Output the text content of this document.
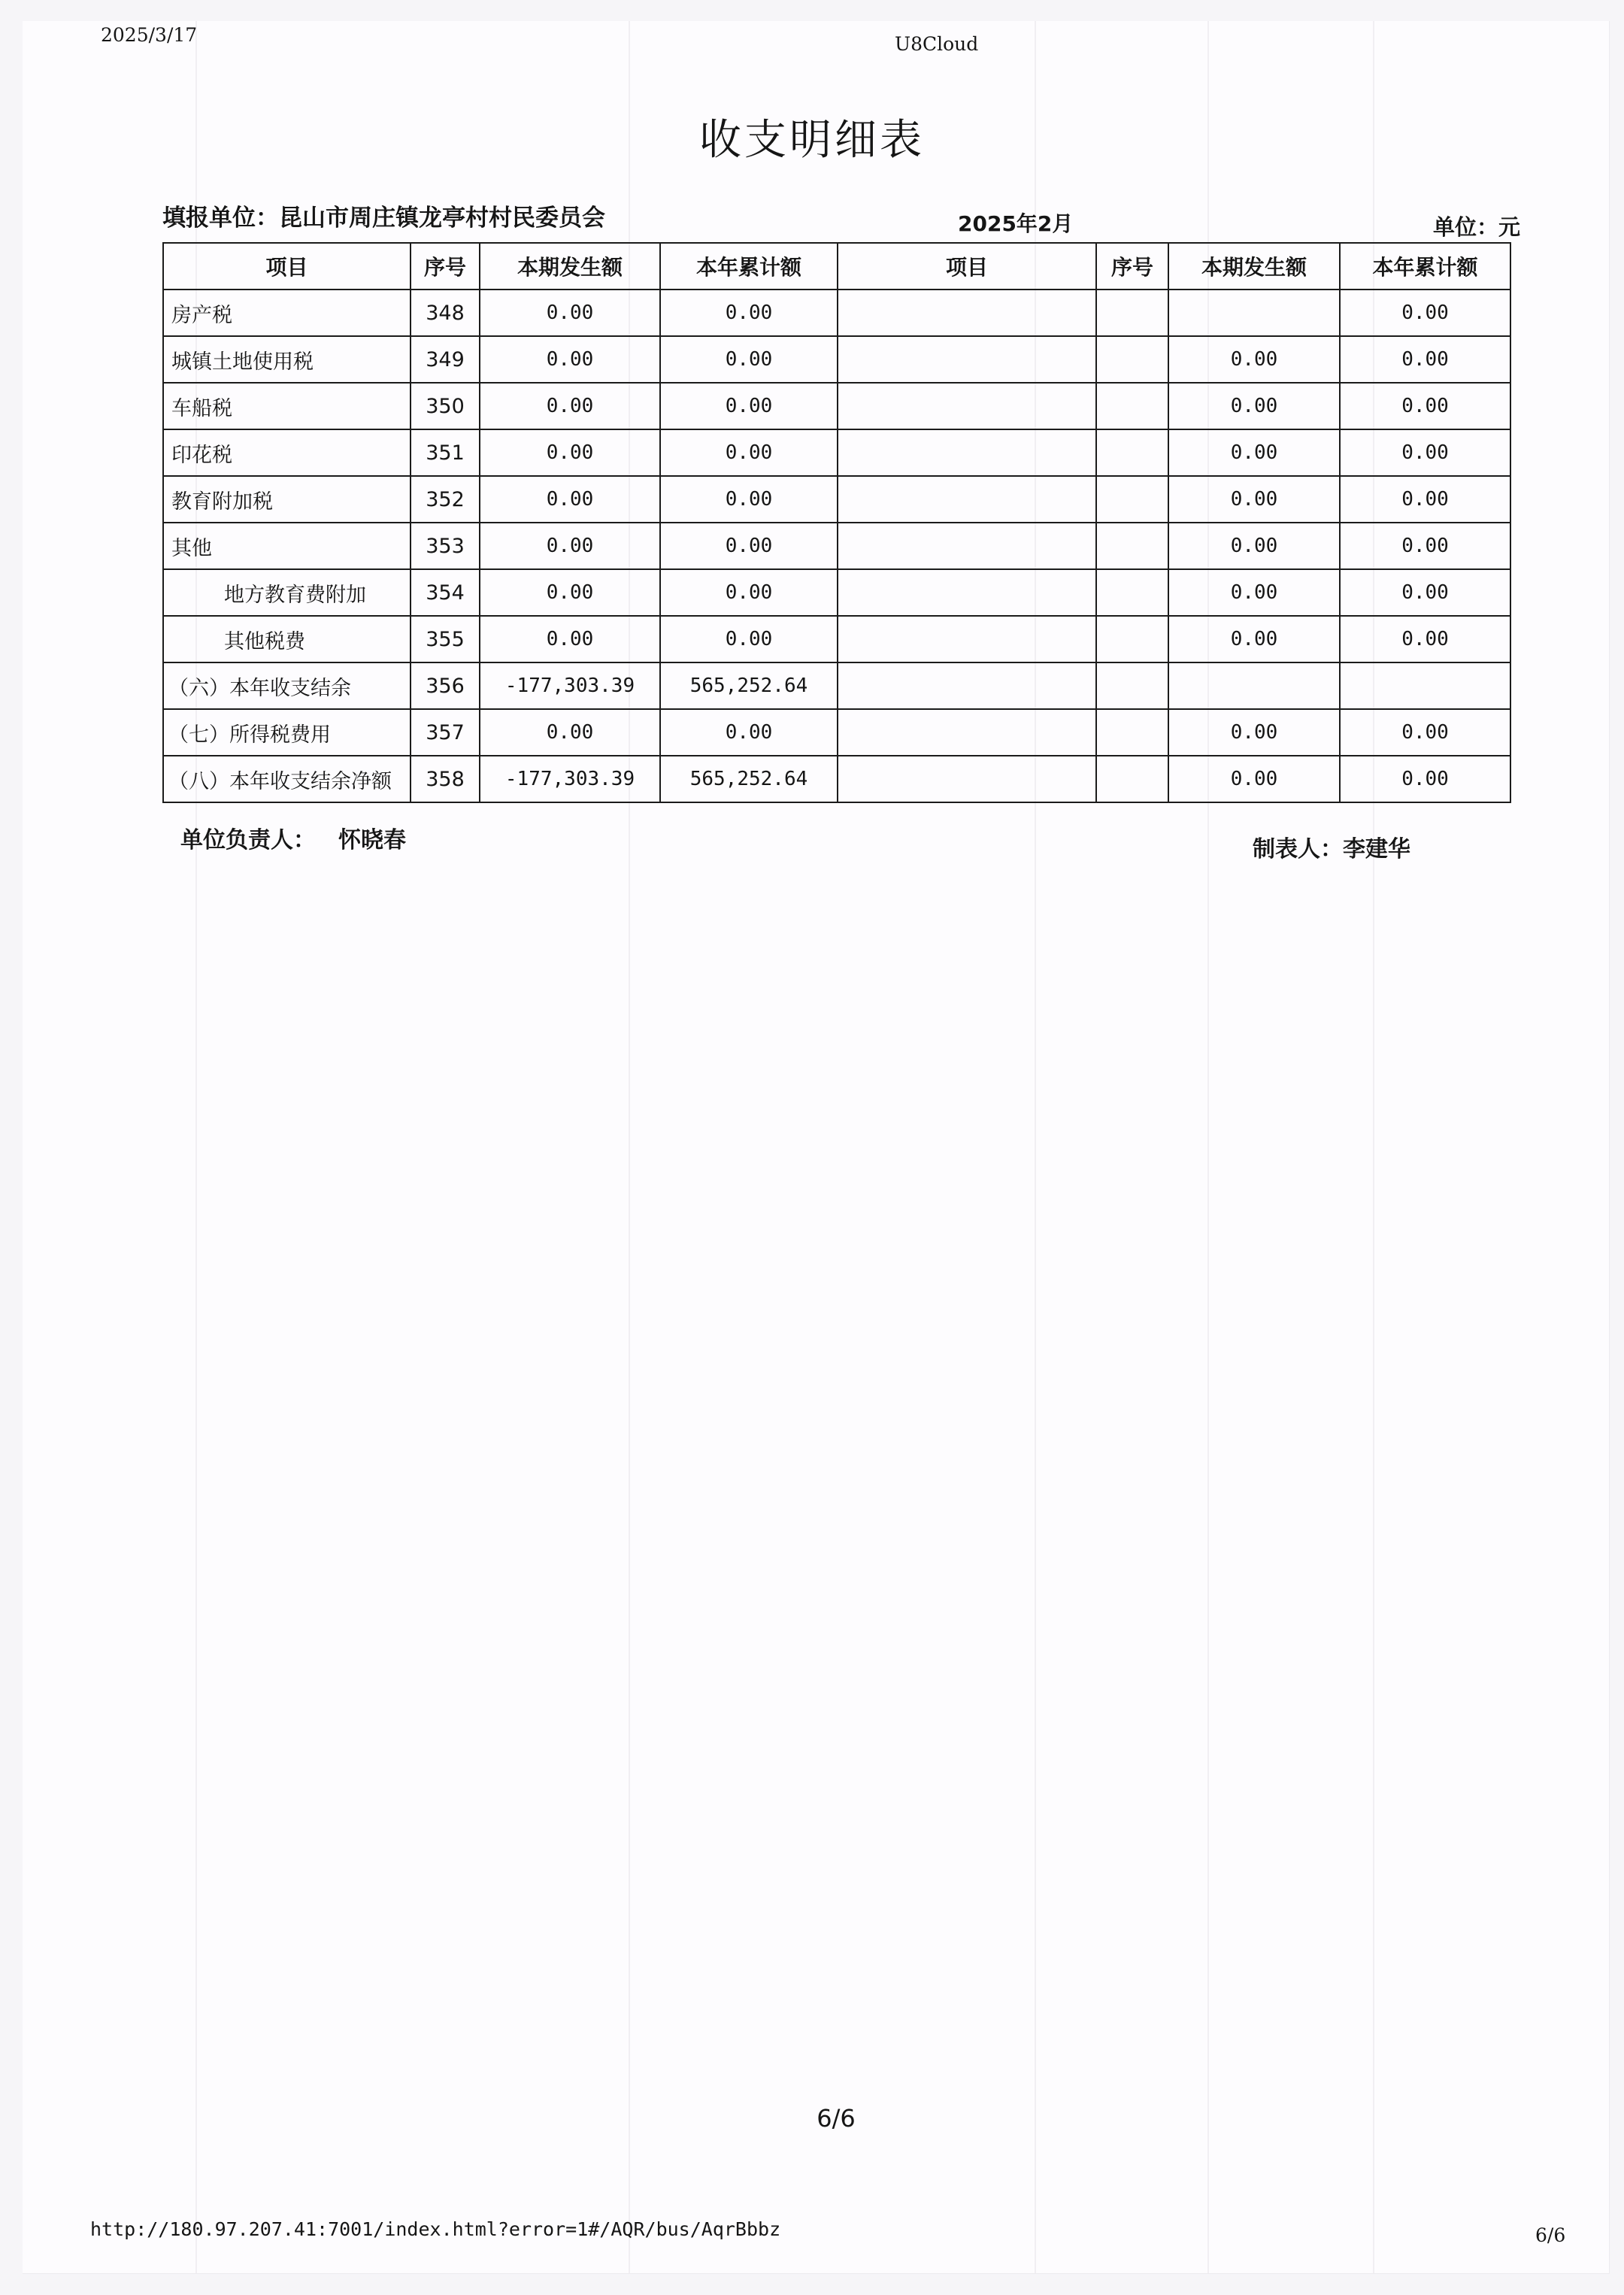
2025/3/17	U8Cloud
收支明细表
填报单位：昆山市周庄镇龙亭村村民委员会	2025年2月	单位：元
项目	序号	本期发生额	本年累计额	项目	序号	本期发生额	本年累计额
房产税	348	0.00	0.00				0.00
城镇土地使用税	349	0.00	0.00			0.00	0.00
车船税	350	0.00	0.00			0.00	0.00
印花税	351	0.00	0.00			0.00	0.00
教育附加税	352	0.00	0.00			0.00	0.00
其他	353	0.00	0.00			0.00	0.00
地方教育费附加	354	0.00	0.00			0.00	0.00
其他税费	355	0.00	0.00			0.00	0.00
（六）本年收支结余	356	-177,303.39	565,252.64				
（七）所得税费用	357	0.00	0.00			0.00	0.00
（八）本年收支结余净额	358	-177,303.39	565,252.64			0.00	0.00
单位负责人： 怀晓春	制表人：李建华
6/6
http://180.97.207.41:7001/index.html?error=1#/AQR/bus/AqrBbbz	6/6
